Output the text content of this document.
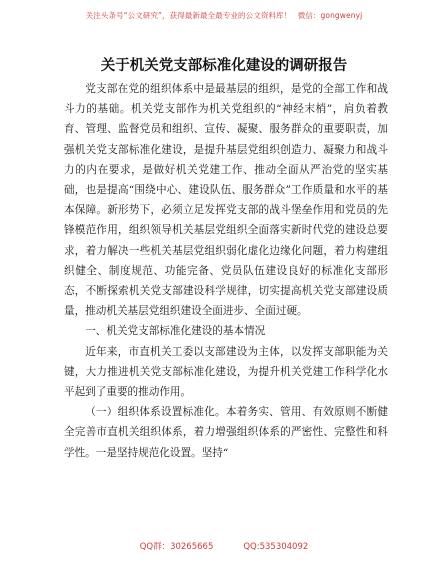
关注头条号“公文研究”，获得最新最全最专业的公文资料库！ 微信：gongwenyj
关于机关党支部标准化建设的调研报告

党支部在党的组织体系中是最基层的组织，是党的全部工作和战斗力的基础。机关党支部作为机关党组织的“神经末梢”，肩负着教育、管理、监督党员和组织、宣传、凝聚、服务群众的重要职责，加强机关党支部标准化建设，是提升基层党组织创造力、凝聚力和战斗力的内在要求，是做好机关党建工作、推动全面从严治党的坚实基础，也是提高“围绕中心、建设队伍、服务群众”工作质量和水平的基本保障。新形势下，必须立足发挥党支部的战斗堡垒作用和党员的先锋模范作用，组织领导机关基层党组织全面落实新时代党的建设总要求，着力解决一些机关基层党组织弱化虚化边缘化问题，着力构建组织健全、制度规范、功能完备、党员队伍建设良好的标准化支部形态，不断探索机关党支部建设科学规律，切实提高机关党支部建设质量，推动机关基层党组织建设全面进步、全面过硬。

一、机关党支部标准化建设的基本情况

近年来，市直机关工委以支部建设为主体，以发挥支部职能为关键，大力推进机关党支部标准化建设，为提升机关党建工作科学化水平起到了重要的推动作用。

（一）组织体系设置标准化。本着务实、管用、有效原则不断健全完善市直机关组织体系，着力增强组织体系的严密性、完整性和科学性。一是坚持规范化设置。坚持“

QQ群：30265665	QQ:535304092
